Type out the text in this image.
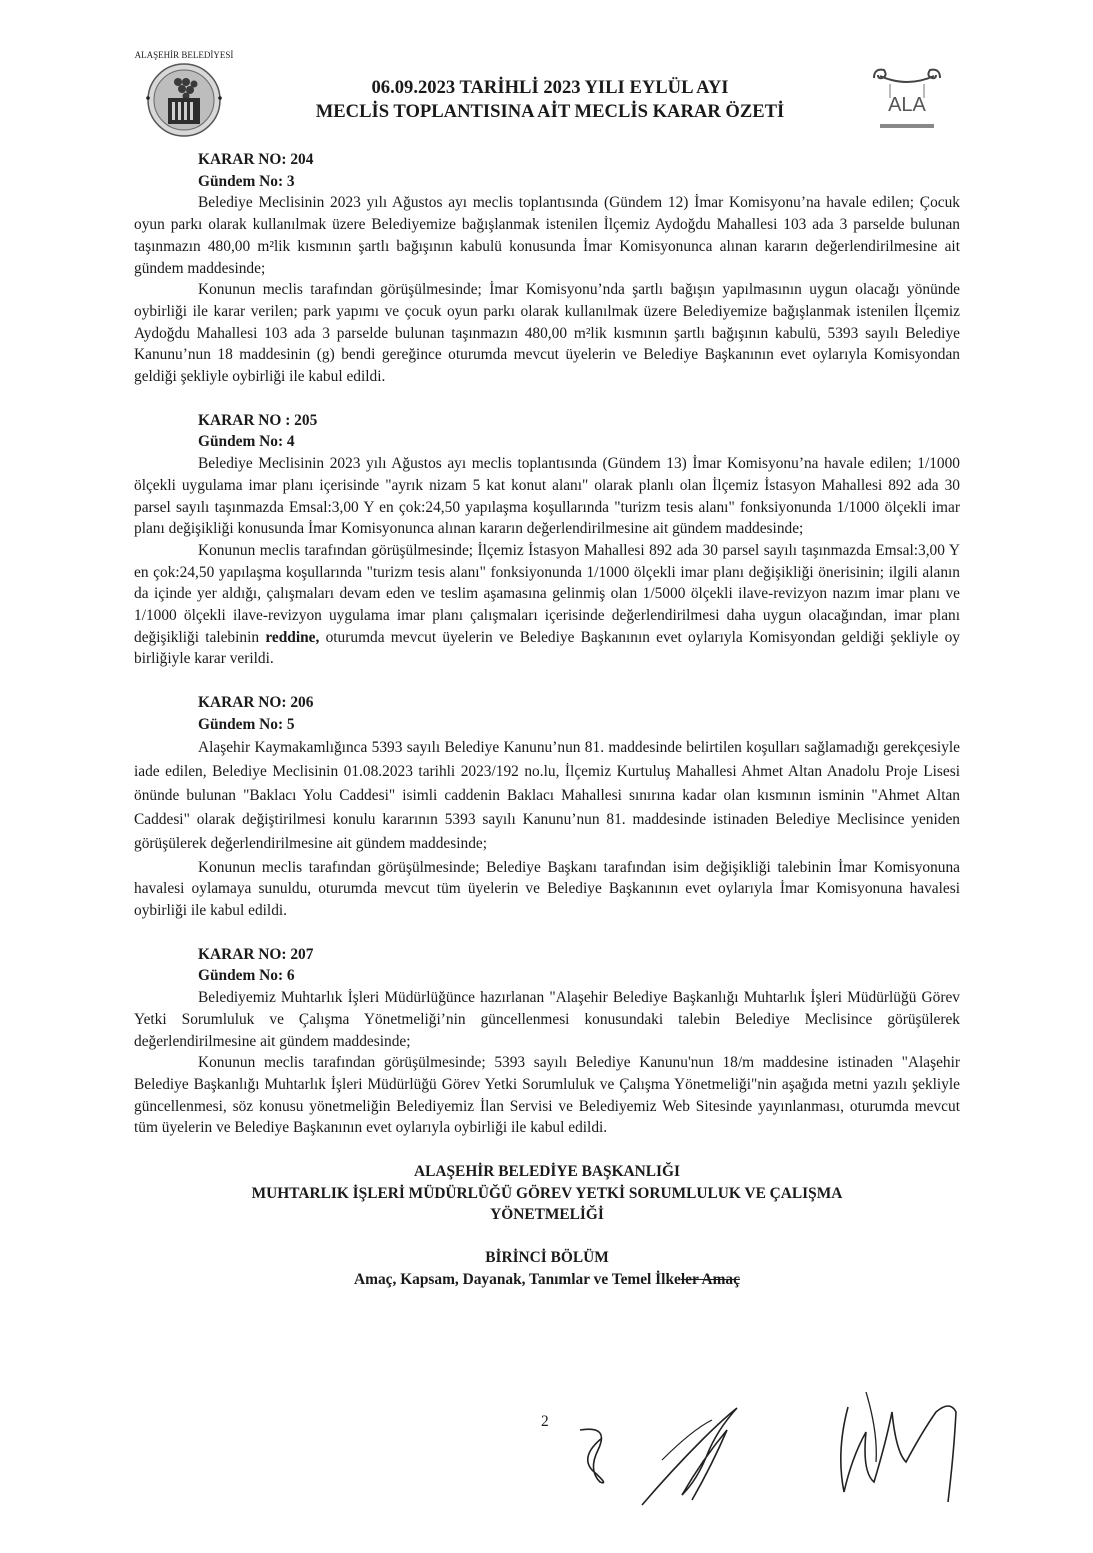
ALAŞEHİR BELEDİYESİ
06.09.2023 TARİHLİ 2023 YILI EYLÜL AYI
MECLİS TOPLANTISINA AİT MECLİS KARAR ÖZETİ	ALA
KARAR NO: 204
Gündem No: 3

Belediye Meclisinin 2023 yılı Ağustos ayı meclis toplantısında (Gündem 12) İmar Komisyonu’na havale edilen; Çocuk oyun parkı olarak kullanılmak üzere Belediyemize bağışlanmak istenilen İlçemiz Aydoğdu Mahallesi 103 ada 3 parselde bulunan taşınmazın 480,00 m²lik kısmının şartlı bağışının kabulü konusunda İmar Komisyonunca alınan kararın değerlendirilmesine ait gündem maddesinde;

Konunun meclis tarafından görüşülmesinde; İmar Komisyonu’nda şartlı bağışın yapılmasının uygun olacağı yönünde oybirliği ile karar verilen; park yapımı ve çocuk oyun parkı olarak kullanılmak üzere Belediyemize bağışlanmak istenilen İlçemiz Aydoğdu Mahallesi 103 ada 3 parselde bulunan taşınmazın 480,00 m²lik kısmının şartlı bağışının kabulü, 5393 sayılı Belediye Kanunu’nun 18 maddesinin (g) bendi gereğince oturumda mevcut üyelerin ve Belediye Başkanının evet oylarıyla Komisyondan geldiği şekliyle oybirliği ile kabul edildi.

KARAR NO : 205
Gündem No: 4

Belediye Meclisinin 2023 yılı Ağustos ayı meclis toplantısında (Gündem 13) İmar Komisyonu’na havale edilen; 1/1000 ölçekli uygulama imar planı içerisinde "ayrık nizam 5 kat konut alanı" olarak planlı olan İlçemiz İstasyon Mahallesi 892 ada 30 parsel sayılı taşınmazda Emsal:3,00 Y en çok:24,50 yapılaşma koşullarında "turizm tesis alanı" fonksiyonunda 1/1000 ölçekli imar planı değişikliği konusunda İmar Komisyonunca alınan kararın değerlendirilmesine ait gündem maddesinde;

Konunun meclis tarafından görüşülmesinde; İlçemiz İstasyon Mahallesi 892 ada 30 parsel sayılı taşınmazda Emsal:3,00 Y en çok:24,50 yapılaşma koşullarında "turizm tesis alanı" fonksiyonunda 1/1000 ölçekli imar planı değişikliği önerisinin; ilgili alanın da içinde yer aldığı, çalışmaları devam eden ve teslim aşamasına gelinmiş olan 1/5000 ölçekli ilave-revizyon nazım imar planı ve 1/1000 ölçekli ilave-revizyon uygulama imar planı çalışmaları içerisinde değerlendirilmesi daha uygun olacağından, imar planı değişikliği talebinin reddine, oturumda mevcut üyelerin ve Belediye Başkanının evet oylarıyla Komisyondan geldiği şekliyle oy birliğiyle karar verildi.

KARAR NO: 206
Gündem No: 5

Alaşehir Kaymakamlığınca 5393 sayılı Belediye Kanunu’nun 81. maddesinde belirtilen koşulları sağlamadığı gerekçesiyle iade edilen, Belediye Meclisinin 01.08.2023 tarihli 2023/192 no.lu, İlçemiz Kurtuluş Mahallesi Ahmet Altan Anadolu Proje Lisesi önünde bulunan "Baklacı Yolu Caddesi" isimli caddenin Baklacı Mahallesi sınırına kadar olan kısmının isminin "Ahmet Altan Caddesi" olarak değiştirilmesi konulu kararının 5393 sayılı Kanunu’nun 81. maddesinde istinaden Belediye Meclisince yeniden görüşülerek değerlendirilmesine ait gündem maddesinde;

Konunun meclis tarafından görüşülmesinde; Belediye Başkanı tarafından isim değişikliği talebinin İmar Komisyonuna havalesi oylamaya sunuldu, oturumda mevcut tüm üyelerin ve Belediye Başkanının evet oylarıyla İmar Komisyonuna havalesi oybirliği ile kabul edildi.

KARAR NO: 207
Gündem No: 6

Belediyemiz Muhtarlık İşleri Müdürlüğünce hazırlanan "Alaşehir Belediye Başkanlığı Muhtarlık İşleri Müdürlüğü Görev Yetki Sorumluluk ve Çalışma Yönetmeliği’nin güncellenmesi konusundaki talebin Belediye Meclisince görüşülerek değerlendirilmesine ait gündem maddesinde;

Konunun meclis tarafından görüşülmesinde; 5393 sayılı Belediye Kanunu'nun 18/m maddesine istinaden "Alaşehir Belediye Başkanlığı Muhtarlık İşleri Müdürlüğü Görev Yetki Sorumluluk ve Çalışma Yönetmeliği"nin aşağıda metni yazılı şekliyle güncellenmesi, söz konusu yönetmeliğin Belediyemiz İlan Servisi ve Belediyemiz Web Sitesinde yayınlanması, oturumda mevcut tüm üyelerin ve Belediye Başkanının evet oylarıyla oybirliği ile kabul edildi.

ALAŞEHİR BELEDİYE BAŞKANLIĞI
MUHTARLIK İŞLERİ MÜDÜRLÜĞÜ GÖREV YETKİ SORUMLULUK VE ÇALIŞMA
YÖNETMELİĞİ
BİRİNCİ BÖLÜM
Amaç, Kapsam, Dayanak, Tanımlar ve Temel İlkeler Amaç
2
